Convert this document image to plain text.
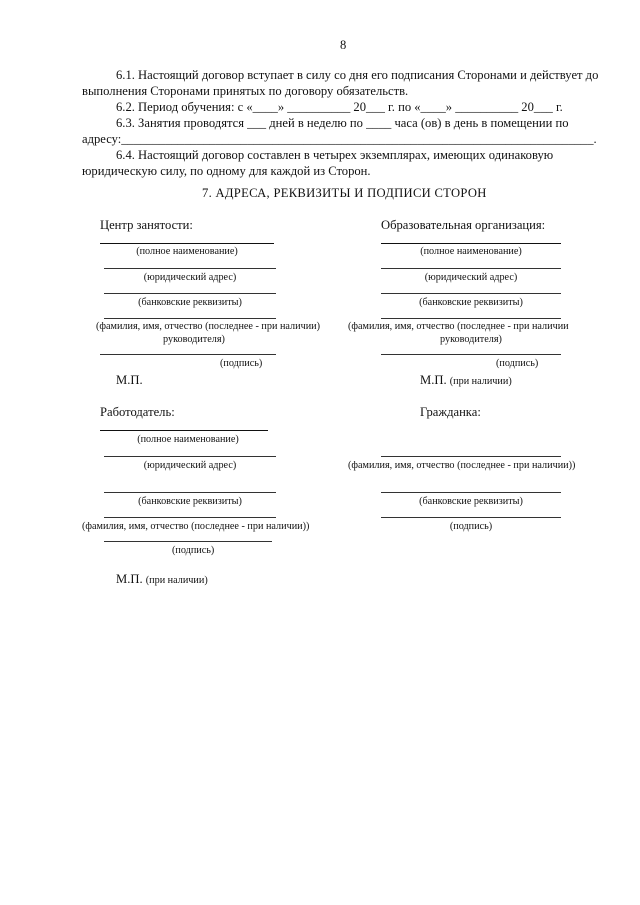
8
6.1. Настоящий договор вступает в силу со дня его подписания Сторонами и действует до
выполнения Сторонами принятых по договору обязательств.
6.2. Период обучения: с «____» __________ 20___ г. по «____» __________ 20___ г.
6.3. Занятия проводятся ___ дней в неделю по ____ часа (ов) в день в помещении по
адресу:___________________________________________________________________________.
6.4. Настоящий договор составлен в четырех экземплярах, имеющих одинаковую
юридическую силу, по одному для каждой из Сторон.
7. АДРЕСА, РЕКВИЗИТЫ И ПОДПИСИ СТОРОН
Центр занятости:
(полное наименование)
(юридический адрес)
(банковские реквизиты)
(фамилия, имя, отчество (последнее - при наличии)
руководителя)
(подпись)
М.П.
Образовательная организация:
(полное наименование)
(юридический адрес)
(банковские реквизиты)
(фамилия, имя, отчество (последнее - при наличии
руководителя)
(подпись)
М.П. (при наличии)
Работодатель:
(полное наименование)
(юридический адрес)
(банковские реквизиты)
(фамилия, имя, отчество (последнее - при наличии))
(подпись)
М.П. (при наличии)
Гражданка:
(фамилия, имя, отчество (последнее - при наличии))
(банковские реквизиты)
(подпись)
